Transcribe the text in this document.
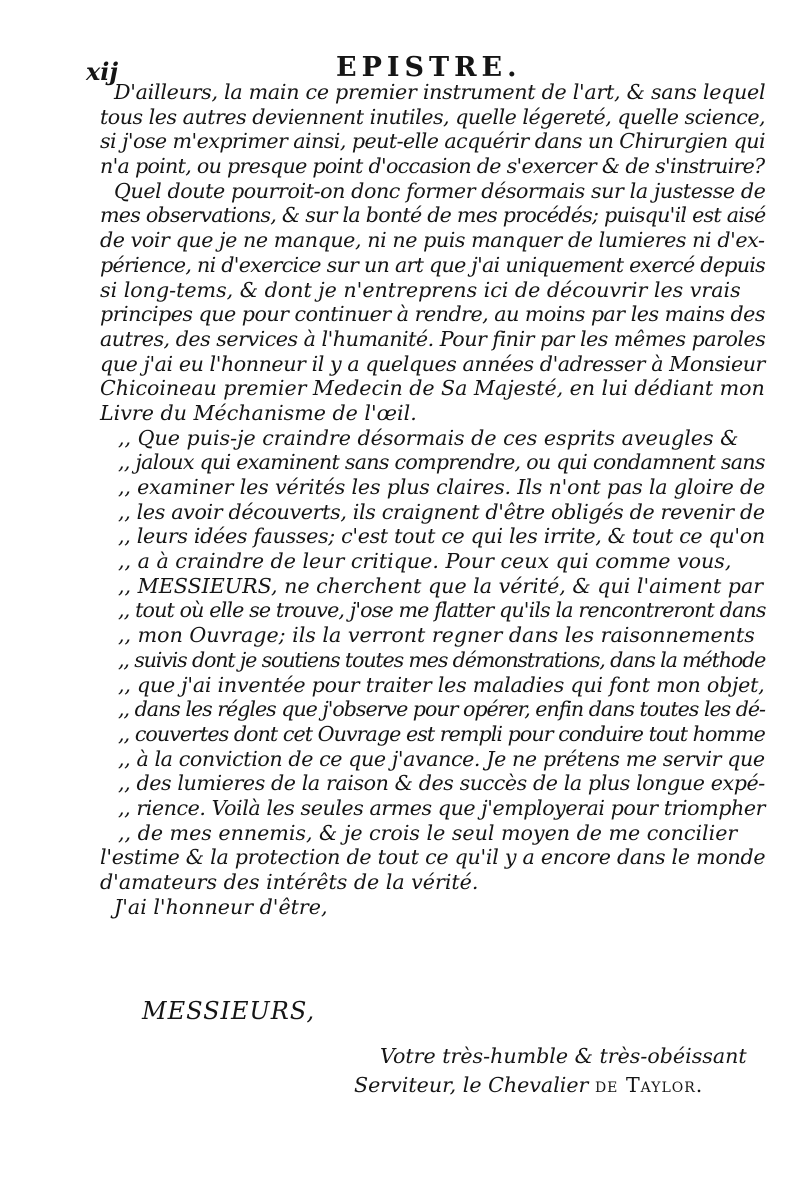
xij	EPISTRE.
D'ailleurs, la main ce premier instrument de l'art, & sans lequel
tous les autres deviennent inutiles, quelle légereté, quelle science,
si j'ose m'exprimer ainsi, peut-elle acquérir dans un Chirurgien qui
n'a point, ou presque point d'occasion de s'exercer & de s'instruire?
Quel doute pourroit-on donc former désormais sur la justesse de
mes observations, & sur la bonté de mes procédés; puisqu'il est aisé
de voir que je ne manque, ni ne puis manquer de lumieres ni d'ex-
périence, ni d'exercice sur un art que j'ai uniquement exercé depuis
si long-tems, & dont je n'entreprens ici de découvrir les vrais
principes que pour continuer à rendre, au moins par les mains des
autres, des services à l'humanité. Pour finir par les mêmes paroles
que j'ai eu l'honneur il y a quelques années d'adresser à Monsieur
Chicoineau premier Medecin de Sa Majesté, en lui dédiant mon
Livre du Méchanisme de l'œil.
,, Que puis-je craindre désormais de ces esprits aveugles &
,, jaloux qui examinent sans comprendre, ou qui condamnent sans
,, examiner les vérités les plus claires. Ils n'ont pas la gloire de
,, les avoir découverts, ils craignent d'être obligés de revenir de
,, leurs idées fausses; c'est tout ce qui les irrite, & tout ce qu'on
,, a à craindre de leur critique. Pour ceux qui comme vous,
,, MESSIEURS, ne cherchent que la vérité, & qui l'aiment par
,, tout où elle se trouve, j'ose me flatter qu'ils la rencontreront dans
,, mon Ouvrage; ils la verront regner dans les raisonnements
,, suivis dont je soutiens toutes mes démonstrations, dans la méthode
,, que j'ai inventée pour traiter les maladies qui font mon objet,
,, dans les régles que j'observe pour opérer, enfin dans toutes les dé-
,, couvertes dont cet Ouvrage est rempli pour conduire tout homme
,, à la conviction de ce que j'avance. Je ne prétens me servir que
,, des lumieres de la raison & des succès de la plus longue expé-
,, rience. Voilà les seules armes que j'employerai pour triompher
,, de mes ennemis, & je crois le seul moyen de me concilier
l'estime & la protection de tout ce qu'il y a encore dans le monde
d'amateurs des intérêts de la vérité.
J'ai l'honneur d'être,
MESSIEURS,
Votre très-humble & très-obéissant
Serviteur, le Chevalier de Taylor.
